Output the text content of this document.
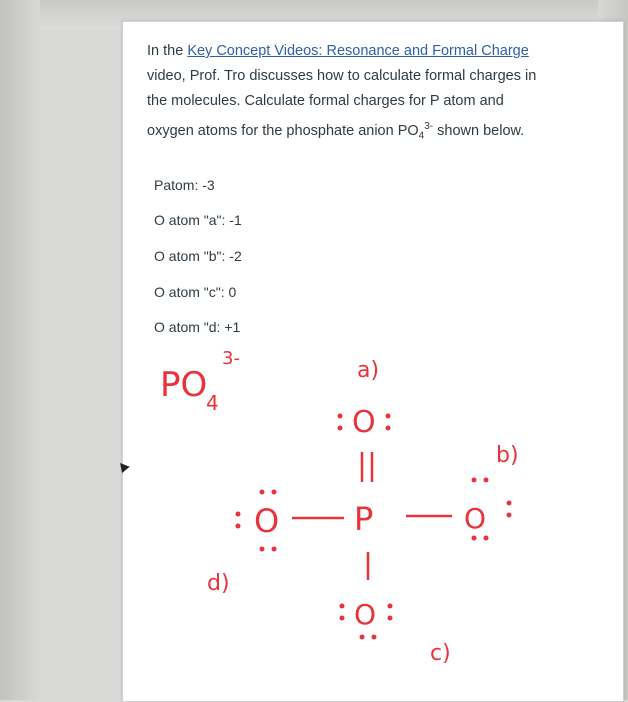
In the Key Concept Videos: Resonance and Formal Charge video, Prof. Tro discusses how to calculate formal charges in the molecules. Calculate formal charges for P atom and oxygen atoms for the phosphate anion $PO_4^{3-}$ shown below.

Patom: -3
O atom "a": -1
O atom "b": -2
O atom "c": 0
O atom "d: +1
PO
4
3-	a)
b)
c)
d)
O
P
O	O
O
